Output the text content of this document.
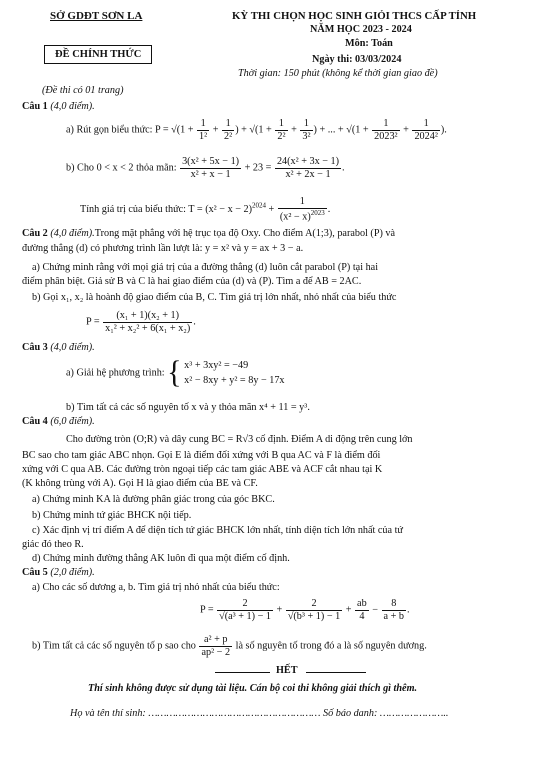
SỞ GDĐT SƠN LA
ĐỀ CHÍNH THỨC
(Đề thi có 01 trang)
KỲ THI CHỌN HỌC SINH GIỎI THCS CẤP TỈNH
NĂM HỌC 2023 - 2024
Môn: Toán
Ngày thi: 03/03/2024
Thời gian: 150 phút (không kể thời gian giao đề)
Câu 1 (4,0 điểm).
a) Rút gọn biểu thức: $P = √(1 + \frac{1}{\text{1²}} + \frac{1}{\text{2²}}$ ) + $√(1 + \frac{1}{\text{2²}} + \frac{1}{\text{3²}}$ ) + ... + $√(1 + \frac{1}{\text{2023²}} + \frac{1}{\text{2024²}}$ ).
b) Cho 0 < x < 2 thỏa mãn: $\frac{\text{3(x² + 5x − 1)}}{\text{x² + x − 1}} + 23 = \frac{\text{24(x² + 3x − 1)}}{\text{x² + 2x − 1}}$ .
Tính giá trị của biểu thức: $T = (x^2 - x - 2)^{2024} + \frac{1}{(x^2 - x)^{2023}}$ .
Câu 2 (4,0 điểm).Trong mặt phẳng với hệ trục tọa độ Oxy. Cho điểm A(1;3), parabol (P) và
đường thẳng (d) có phương trình lần lượt là: y = x² và y = ax + 3 − a.
a) Chứng minh rằng với mọi giá trị của a đường thẳng (d) luôn cắt parabol (P) tại hai
điểm phân biệt. Giả sử B và C là hai giao điểm của (d) và (P). Tìm a để AB = 2AC.
b) Gọi x₁, x₂ là hoành độ giao điểm của B, C. Tìm giá trị lớn nhất, nhỏ nhất của biểu thức
$P = \frac{\text{(x₁ + 1)(x₂ + 1)}}{\text{x₁² + x₂² + 6(x₁ + x₂)}}$ .
Câu 3 (4,0 điểm).
a) Giải hệ phương trình: { x³ + 3xy² = −49
x² − 8xy + y² = 8y − 17x
b) Tìm tất cả các số nguyên tố x và y thỏa mãn x⁴ + 11 = y³.
Câu 4 (6,0 điểm).
Cho đường tròn (O;R) và dây cung BC = R√3 cố định. Điểm A di động trên cung lớn
BC sao cho tam giác ABC nhọn. Gọi E là điểm đối xứng với B qua AC và F là điểm đối
xứng với C qua AB. Các đường tròn ngoại tiếp các tam giác ABE và ACF cắt nhau tại K
(K không trùng với A). Gọi H là giao điểm của BE và CF.
a) Chứng minh KA là đường phân giác trong của góc BKC.
b) Chứng minh tứ giác BHCK nội tiếp.
c) Xác định vị trí điểm A để diện tích tứ giác BHCK lớn nhất, tính diện tích lớn nhất của tứ
giác đó theo R.
d) Chứng minh đường thẳng AK luôn đi qua một điểm cố định.
Câu 5 (2,0 điểm).
a) Cho các số dương a, b. Tìm giá trị nhỏ nhất của biểu thức:
$P = \frac{2}{\text{√(a³ + 1) − 1}} + \frac{2}{\text{√(b³ + 1) − 1}} + \frac{ab}{4} - \frac{8}{a + b}$ .
b) Tìm tất cả các số nguyên tố p sao cho $\frac{\text{a² + p}}{\text{ap² − 2}}$ là số nguyên tố trong đó a là số nguyên dương.
HẾT
Thí sinh không được sử dụng tài liệu. Cán bộ coi thi không giải thích gì thêm.
Họ và tên thí sinh: ………………………………………………… Số báo danh: …………………..
